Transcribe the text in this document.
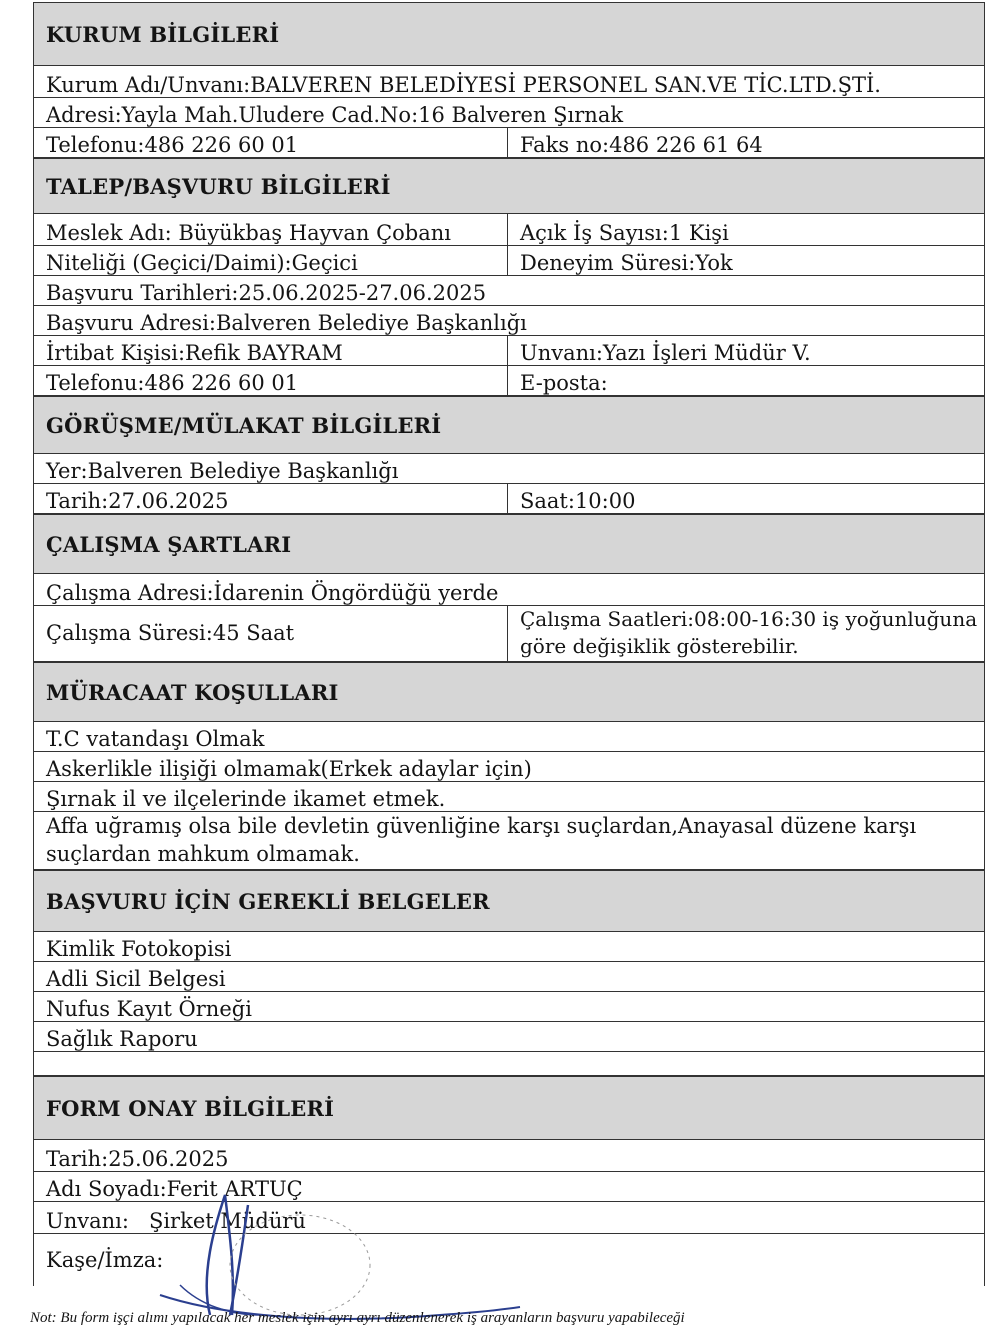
KURUM BİLGİLERİ
Kurum Adı/Unvanı:BALVEREN BELEDİYESİ PERSONEL SAN.VE TİC.LTD.ŞTİ.
Adresi:Yayla Mah.Uludere Cad.No:16 Balveren Şırnak
Telefonu:486 226 60 01	Faks no:486 226 61 64
TALEP/BAŞVURU BİLGİLERİ
Meslek Adı: Büyükbaş Hayvan Çobanı	Açık İş Sayısı:1 Kişi
Niteliği (Geçici/Daimi):Geçici	Deneyim Süresi:Yok
Başvuru Tarihleri:25.06.2025-27.06.2025
Başvuru Adresi:Balveren Belediye Başkanlığı
İrtibat Kişisi:Refik BAYRAM	Unvanı:Yazı İşleri Müdür V.
Telefonu:486 226 60 01	E-posta:
GÖRÜŞME/MÜLAKAT BİLGİLERİ
Yer:Balveren Belediye Başkanlığı
Tarih:27.06.2025	Saat:10:00
ÇALIŞMA ŞARTLARI
Çalışma Adresi:İdarenin Öngördüğü yerde
Çalışma Süresi:45 Saat
Çalışma Saatleri:08:00-16:30 iş yoğunluğuna göre değişiklik gösterebilir.
MÜRACAAT KOŞULLARI
T.C vatandaşı Olmak
Askerlikle ilişiği olmamak(Erkek adaylar için)
Şırnak il ve ilçelerinde ikamet etmek.
Affa uğramış olsa bile devletin güvenliğine karşı suçlardan,Anayasal düzene karşı suçlardan mahkum olmamak.
BAŞVURU İÇİN GEREKLİ BELGELER
Kimlik Fotokopisi
Adli Sicil Belgesi
Nufus Kayıt Örneği
Sağlık Raporu
FORM ONAY BİLGİLERİ
Tarih:25.06.2025
Adı Soyadı:Ferit ARTUÇ
Unvanı:   Şirket Müdürü
Kaşe/İmza:
Not: Bu form işçi alımı yapılacak her meslek için ayrı ayrı düzenlenerek iş arayanların başvuru yapabileceği
